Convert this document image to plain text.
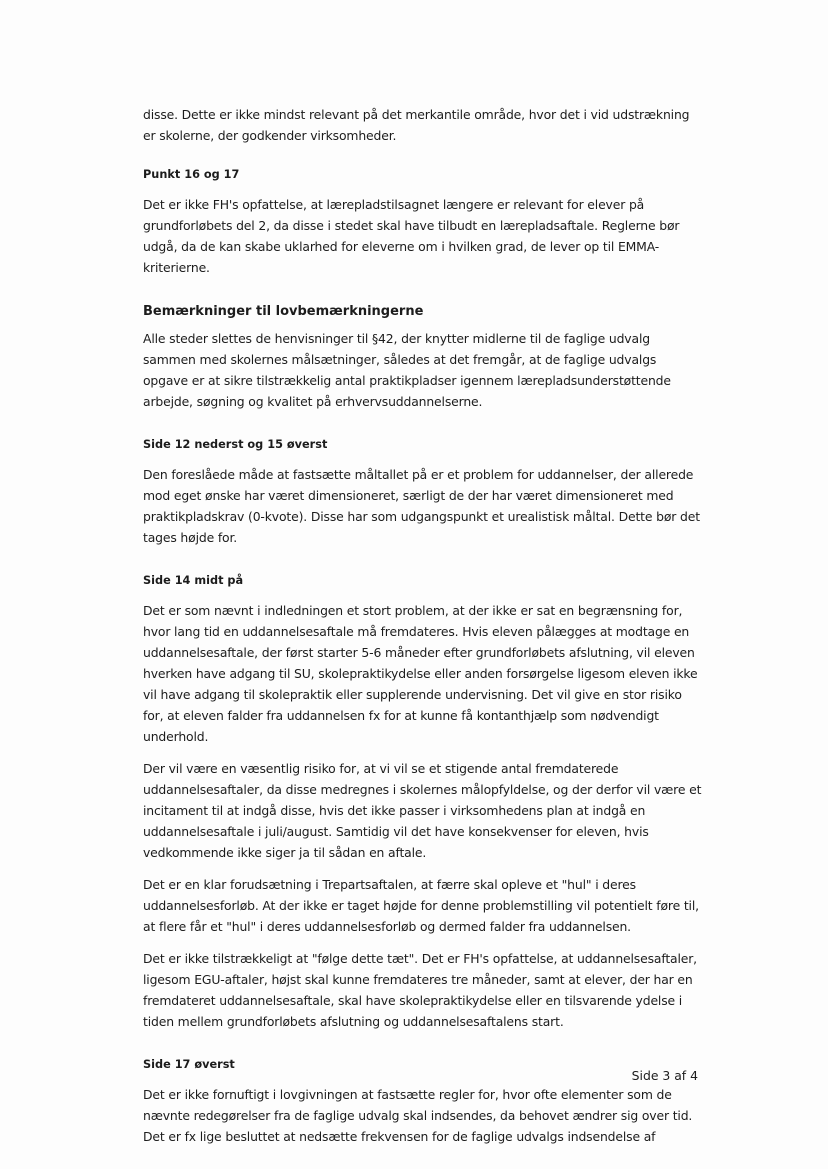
disse. Dette er ikke mindst relevant på det merkantile område, hvor det i vid udstrækning er skolerne, der godkender virksomheder.

Punkt 16 og 17

Det er ikke FH's opfattelse, at lærepladstilsagnet længere er relevant for elever på grundforløbets del 2, da disse i stedet skal have tilbudt en lærepladsaftale. Reglerne bør udgå, da de kan skabe uklarhed for eleverne om i hvilken grad, de lever op til EMMA-kriterierne.

Bemærkninger til lovbemærkningerne

Alle steder slettes de henvisninger til §42, der knytter midlerne til de faglige udvalg sammen med skolernes målsætninger, således at det fremgår, at de faglige udvalgs opgave er at sikre tilstrækkelig antal praktikpladser igennem lærepladsunderstøttende arbejde, søgning og kvalitet på erhvervsuddannelserne.

Side 12 nederst og 15 øverst

Den foreslåede måde at fastsætte måltallet på er et problem for uddannelser, der allerede mod eget ønske har været dimensioneret, særligt de der har været dimensioneret med praktikpladskrav (0-kvote). Disse har som udgangspunkt et urealistisk måltal. Dette bør det tages højde for.

Side 14 midt på

Det er som nævnt i indledningen et stort problem, at der ikke er sat en begrænsning for, hvor lang tid en uddannelsesaftale må fremdateres. Hvis eleven pålægges at modtage en uddannelsesaftale, der først starter 5-6 måneder efter grundforløbets afslutning, vil eleven hverken have adgang til SU, skolepraktikydelse eller anden forsørgelse ligesom eleven ikke vil have adgang til skolepraktik eller supplerende undervisning. Det vil give en stor risiko for, at eleven falder fra uddannelsen fx for at kunne få kontanthjælp som nødvendigt underhold.

Der vil være en væsentlig risiko for, at vi vil se et stigende antal fremdaterede uddannelsesaftaler, da disse medregnes i skolernes målopfyldelse, og der derfor vil være et incitament til at indgå disse, hvis det ikke passer i virksomhedens plan at indgå en uddannelsesaftale i juli/august. Samtidig vil det have konsekvenser for eleven, hvis vedkommende ikke siger ja til sådan en aftale.

Det er en klar forudsætning i Trepartsaftalen, at færre skal opleve et "hul" i deres uddannelsesforløb. At der ikke er taget højde for denne problemstilling vil potentielt føre til, at flere får et "hul" i deres uddannelsesforløb og dermed falder fra uddannelsen.

Det er ikke tilstrækkeligt at "følge dette tæt". Det er FH's opfattelse, at uddannelsesaftaler, ligesom EGU-aftaler, højst skal kunne fremdateres tre måneder, samt at elever, der har en fremdateret uddannelsesaftale, skal have skolepraktikydelse eller en tilsvarende ydelse i tiden mellem grundforløbets afslutning og uddannelsesaftalens start.

Side 17 øverst

Det er ikke fornuftigt i lovgivningen at fastsætte regler for, hvor ofte elementer som de nævnte redegørelser fra de faglige udvalg skal indsendes, da behovet ændrer sig over tid. Det er fx lige besluttet at nedsætte frekvensen for de faglige udvalgs indsendelse af

Side 3 af 4
